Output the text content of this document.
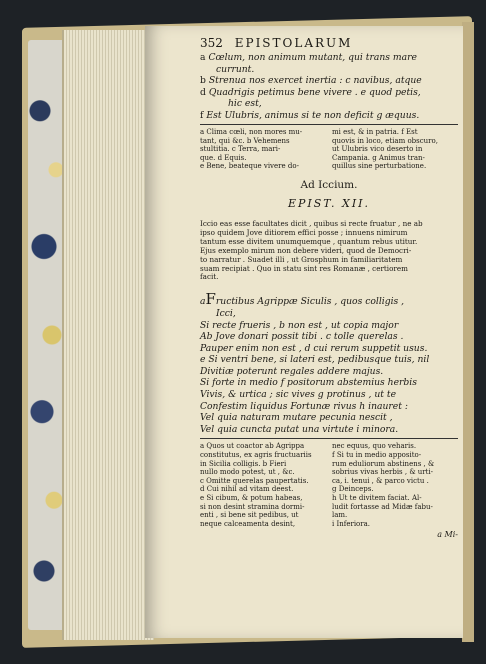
352 EPISTOLARUM
a Cœlum, non animum mutant, qui trans mare
currunt.
b Strenua nos exercet inertia : c navibus, atque
d Quadrigis petimus bene vivere . e quod petis,
hic est,
f Est Ulubris, animus si te non deficit g æquus.
a Clima cœli, non mores mu-
tant, qui &c. b Vehemens
stultitia. c Terra, mari-
que. d Equis.
e Bene, beateque vivere do-
mi est, & in patria. f Est
quovis in loco, etiam obscuro,
ut Ulubris vico deserto in
Campania. g Animus tran-
quillus sine perturbatione.
Ad Iccium.
EPIST. XII.
Iccio eas esse facultates dicit , quibus si recte fruatur , ne ab
ipso quidem Jove ditiorem effici posse ; innuens nimirum
tantum esse divitem unumquemque , quantum rebus utitur.
Ejus exemplo mirum non debere videri, quod de Democri-
to narratur . Suadet illi , ut Grosphum in familiaritatem
suam recipiat . Quo in statu sint res Romanæ , certiorem
facit.
aFructibus Agrippæ Siculis , quos colligis ,
Icci,
Si recte frueris , b non est , ut copia major
Ab Jove donari possit tibi . c tolle querelas .
Pauper enim non est , d cui rerum suppetit usus.
e Si ventri bene, si lateri est, pedibusque tuis, nil
Divitiæ poterunt regales addere majus.
Si forte in medio f positorum abstemius herbis
Vivis, & urtica ; sic vives g protinus , ut te
Confestim liquidus Fortunæ rivus h inauret :
Vel quia naturam mutare pecunia nescit ,
Vel quia cuncta putat una virtute i minora.
a Quos ut coactor ab Agrippa
constitutus, ex agris fructuariis
in Sicilia colligis. b Fieri
nullo modo potest, ut , &c.
c Omitte querelas paupertatis.
d Cui nihil ad vitam deest.
e Si cibum, & potum habeas,
si non desint stramina dormi-
enti , si bene sit pedibus, ut
neque calceamenta desint,
nec equus, quo veharis.
f Si tu in medio apposito-
rum eduliorum abstinens , &
sobrius vivas herbis , & urti-
ca, i. tenui , & parco victu .
g Deinceps.
h Ut te divitem faciat. Al-
ludit fortasse ad Midæ fabu-
lam.
i Inferiora.
a Mi-
